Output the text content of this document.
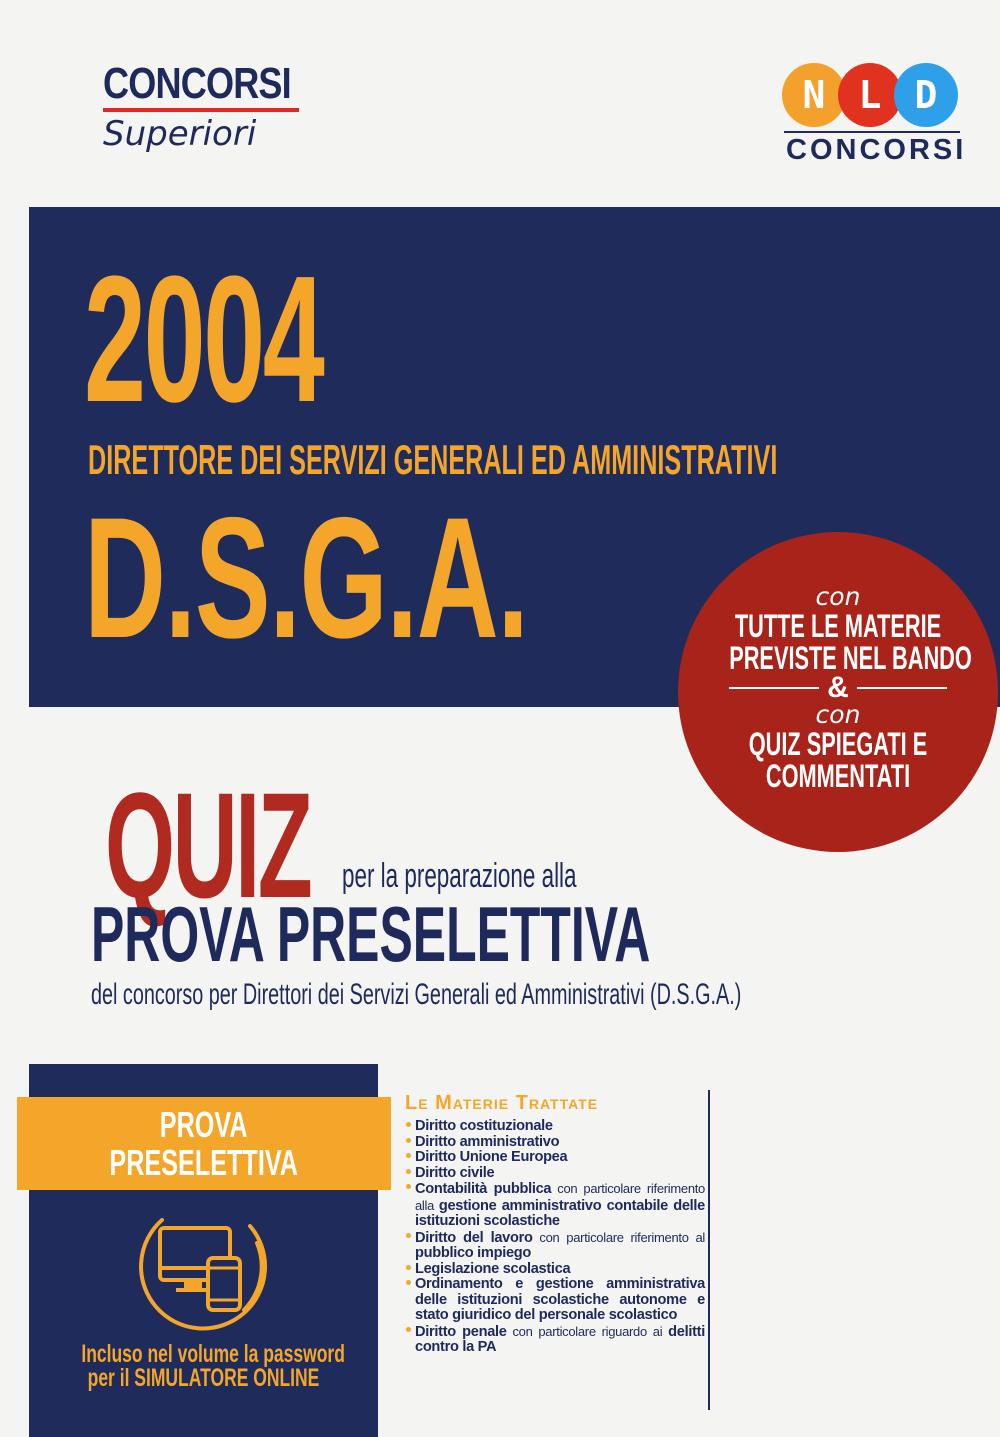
CONCORSI
Superiori
N L D
CONCORSI
2004
DIRETTORE DEI SERVIZI GENERALI ED AMMINISTRATIVI
D.S.G.A.	con
TUTTE LE MATERIE
PREVISTE NEL BANDO
&
con
QUIZ SPIEGATI E
COMMENTATI
QUIZ per la preparazione alla
PROVA PRESELETTIVA
del concorso per Direttori dei Servizi Generali ed Amministrativi (D.S.G.A.)
PROVA
PRESELETTIVA
Incluso nel volume la password
per il SIMULATORE ONLINE
Le Materie Trattate
Diritto costituzionale
Diritto amministrativo
Diritto Unione Europea
Diritto civile
Contabilità pubblica con particolare riferimento alla gestione amministrativo contabile delle istituzioni scolastiche
Diritto del lavoro con particolare riferimento al pubblico impiego
Legislazione scolastica
Ordinamento e gestione amministrativa delle istituzioni scolastiche autonome e stato giuridico del personale scolastico
Diritto penale con particolare riguardo ai delitti contro la PA
